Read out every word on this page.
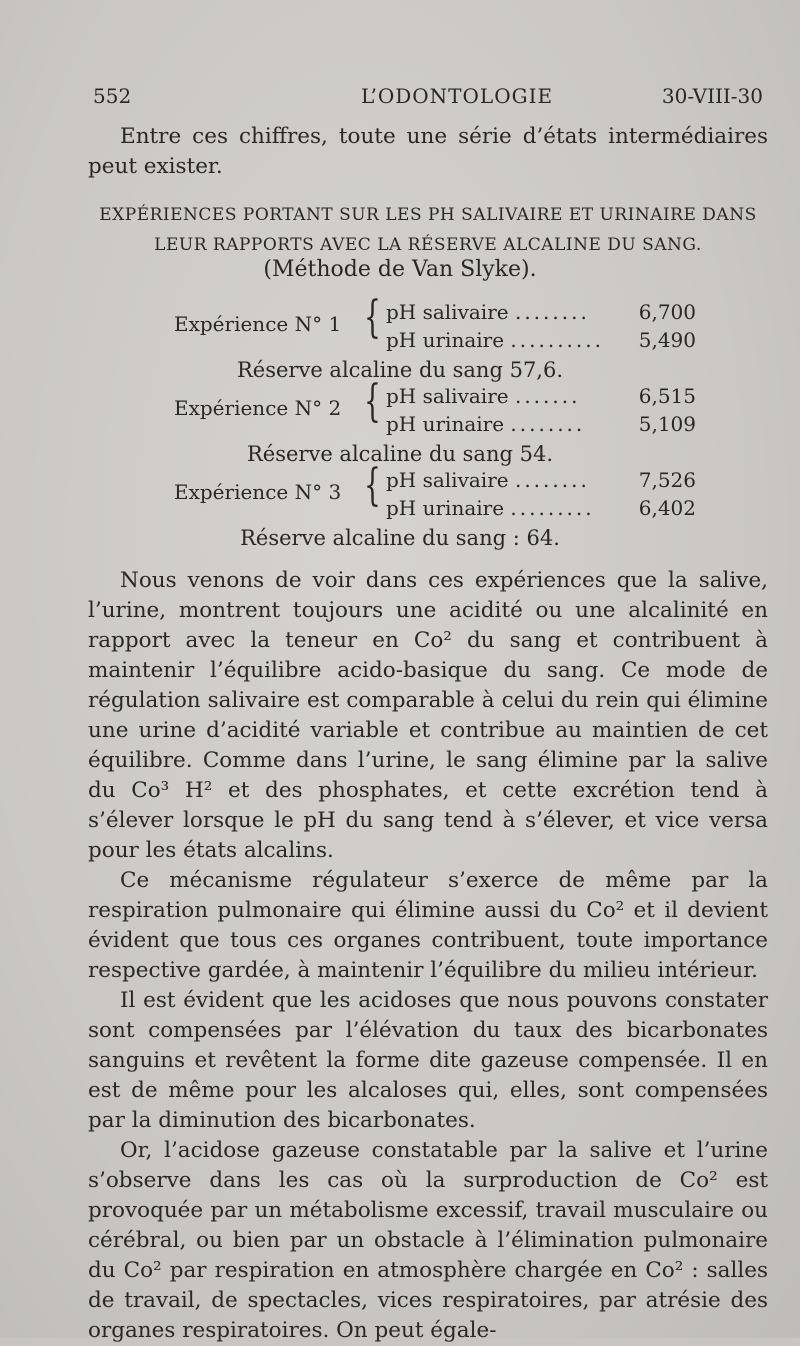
552	L’ODONTOLOGIE	30-VIII-30

Entre ces chiffres, toute une série d’états intermédiaires peut exister.

EXPÉRIENCES PORTANT SUR LES PH SALIVAIRE ET URINAIRE DANS
LEUR RAPPORTS AVEC LA RÉSERVE ALCALINE DU SANG.
(Méthode de Van Slyke).
Expérience N° 1 { pH salivaire ........ 6,700
pH urinaire .......... 5,490
Réserve alcaline du sang 57,6.
Expérience N° 2 { pH salivaire .......	6,515
pH urinaire ........	5,109
Réserve alcaline du sang 54.
Expérience N° 3 { pH salivaire ........ 7,526
pH urinaire ......... 6,402
Réserve alcaline du sang : 64.

Nous venons de voir dans ces expériences que la salive, l’urine, montrent toujours une acidité ou une alcalinité en rapport avec la teneur en Co² du sang et contribuent à maintenir l’équilibre acido-basique du sang. Ce mode de régulation salivaire est comparable à celui du rein qui élimine une urine d’acidité variable et contribue au maintien de cet équilibre. Comme dans l’urine, le sang élimine par la salive du Co³ H² et des phosphates, et cette excrétion tend à s’élever lorsque le pH du sang tend à s’élever, et vice versa pour les états alcalins.

Ce mécanisme régulateur s’exerce de même par la respiration pulmonaire qui élimine aussi du Co² et il devient évident que tous ces organes contribuent, toute importance respective gardée, à maintenir l’équilibre du milieu intérieur.

Il est évident que les acidoses que nous pouvons constater sont compensées par l’élévation du taux des bicarbonates sanguins et revêtent la forme dite gazeuse compensée. Il en est de même pour les alcaloses qui, elles, sont compensées par la diminution des bicarbonates.

Or, l’acidose gazeuse constatable par la salive et l’urine s’observe dans les cas où la surproduction de Co² est provoquée par un métabolisme excessif, travail musculaire ou cérébral, ou bien par un obstacle à l’élimination pulmonaire du Co² par respiration en atmosphère chargée en Co² : salles de travail, de spectacles, vices respiratoires, par atrésie des organes respiratoires. On peut égale-
